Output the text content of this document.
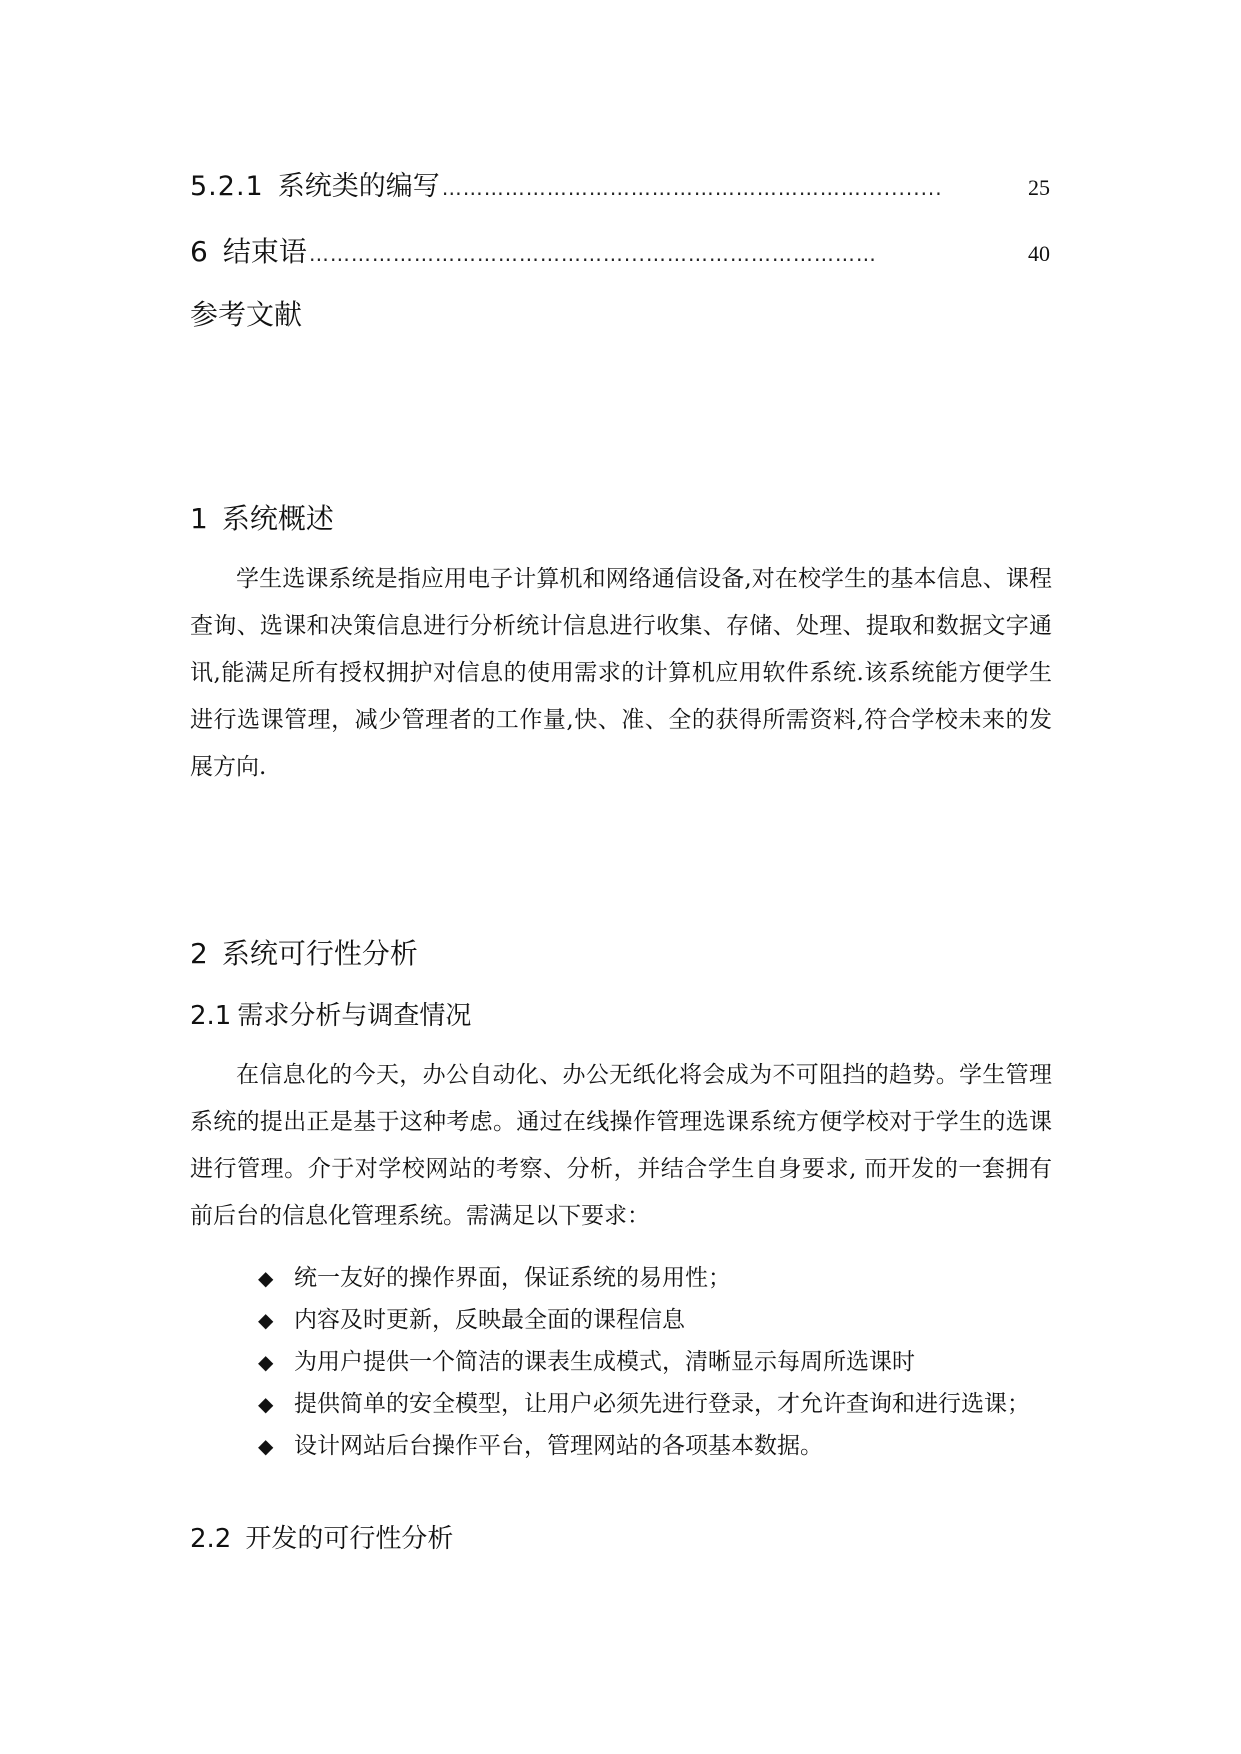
5.2.1 系统类的编写 ……………………………………………………...........	25
6 结束语 ………………………………………...……………………………	40
参考文献
1 系统概述
学生选课系统是指应用电子计算机和网络通信设备,对在校学生的基本信息、课程查询、选课和决策信息进行分析统计信息进行收集、存储、处理、提取和数据文字通讯,能满足所有授权拥护对信息的使用需求的计算机应用软件系统.该系统能方便学生进行选课管理，减少管理者的工作量,快、准、全的获得所需资料,符合学校未来的发展方向.
2 系统可行性分析
2.1 需求分析与调查情况
在信息化的今天，办公自动化、办公无纸化将会成为不可阻挡的趋势。学生管理系统的提出正是基于这种考虑。通过在线操作管理选课系统方便学校对于学生的选课进行管理。介于对学校网站的考察、分析，并结合学生自身要求, 而开发的一套拥有前后台的信息化管理系统。需满足以下要求：
◆ 统一友好的操作界面，保证系统的易用性；
◆ 内容及时更新，反映最全面的课程信息
◆ 为用户提供一个简洁的课表生成模式，清晰显示每周所选课时
◆ 提供简单的安全模型，让用户必须先进行登录，才允许查询和进行选课；
◆ 设计网站后台操作平台，管理网站的各项基本数据。
2.2 开发的可行性分析
